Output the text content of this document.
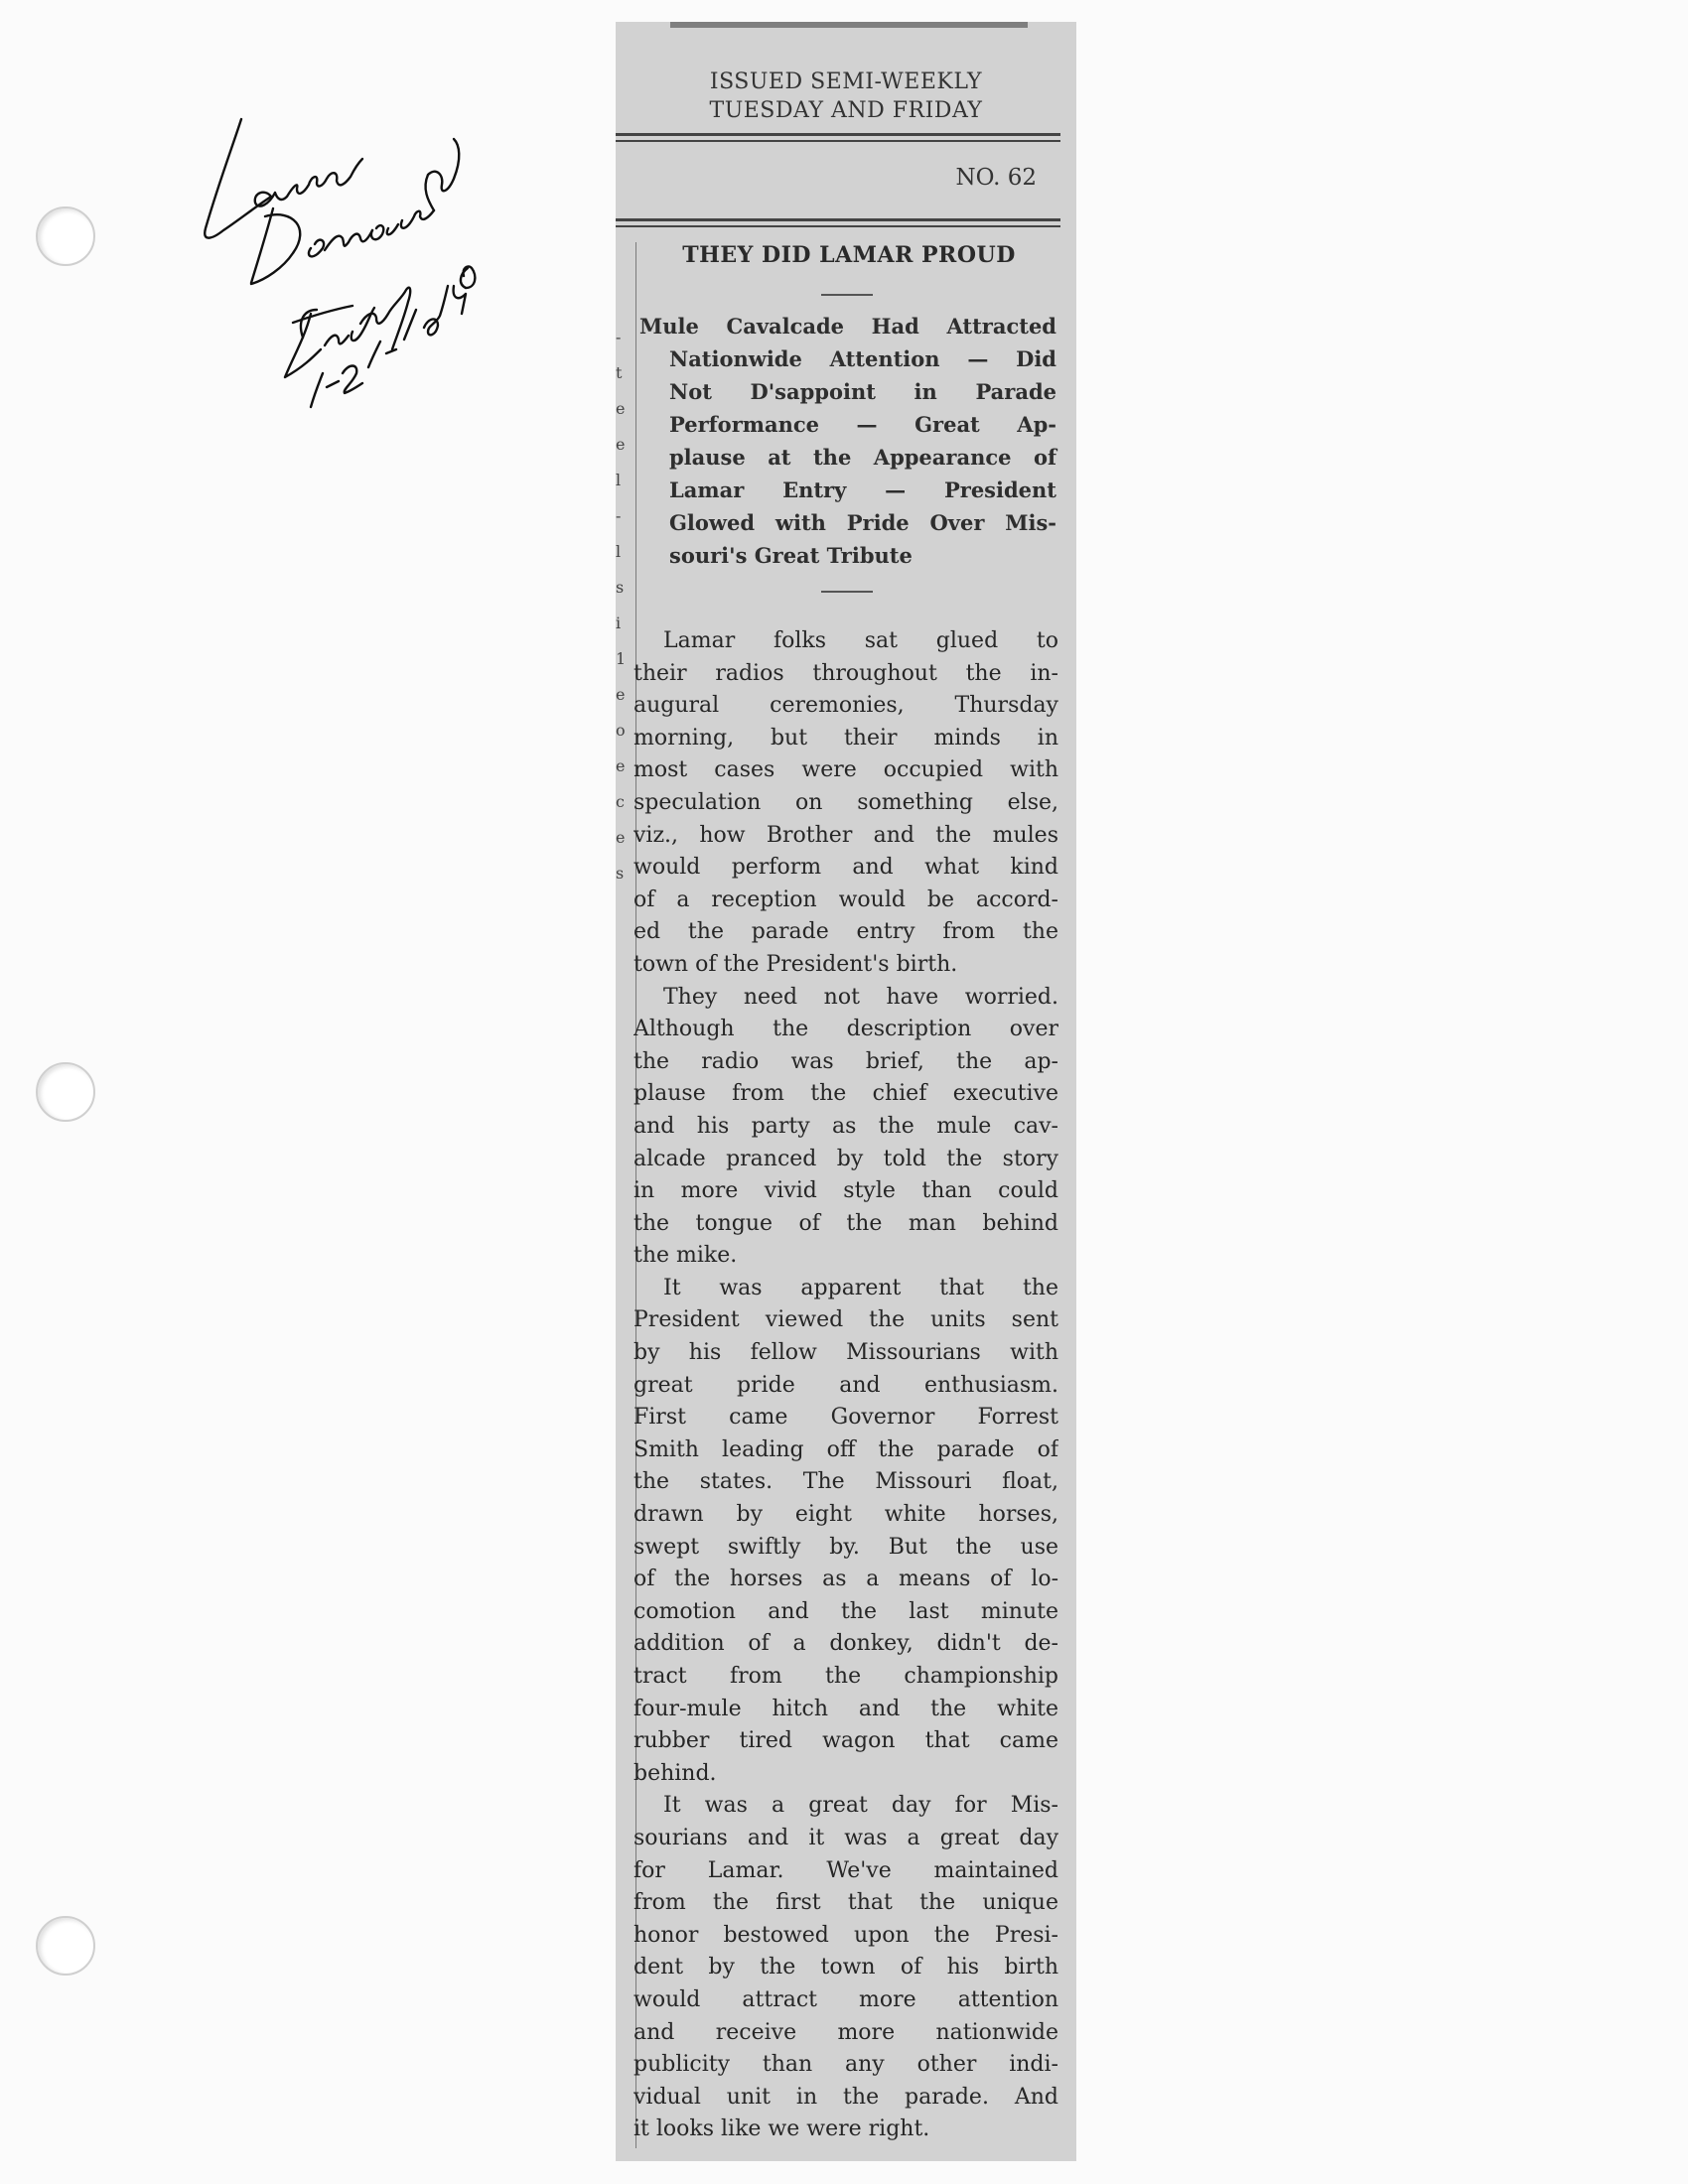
ISSUED SEMI-WEEKLY
TUESDAY AND FRIDAY
NO. 62
-
t
e
e
l
-
l
s
i
1
e
o
e
c
e
s
THEY DID LAMAR PROUD
Mule Cavalcade Had Attracted
Nationwide Attention — Did
Not D'sappoint in Parade
Performance — Great Ap-
plause at the Appearance of
Lamar Entry — President
Glowed with Pride Over Mis-
souri's Great Tribute
Lamar folks sat glued to
their radios throughout the in-
augural ceremonies, Thursday
morning, but their minds in
most cases were occupied with
speculation on something else,
viz., how Brother and the mules
would perform and what kind
of a reception would be accord-
ed the parade entry from the
town of the President's birth.
They need not have worried.
Although the description over
the radio was brief, the ap-
plause from the chief executive
and his party as the mule cav-
alcade pranced by told the story
in more vivid style than could
the tongue of the man behind
the mike.
It was apparent that the
President viewed the units sent
by his fellow Missourians with
great pride and enthusiasm.
First came Governor Forrest
Smith leading off the parade of
the states. The Missouri float,
drawn by eight white horses,
swept swiftly by. But the use
of the horses as a means of lo-
comotion and the last minute
addition of a donkey, didn't de-
tract from the championship
four-mule hitch and the white
rubber tired wagon that came
behind.
It was a great day for Mis-
sourians and it was a great day
for Lamar. We've maintained
from the first that the unique
honor bestowed upon the Presi-
dent by the town of his birth
would attract more attention
and receive more nationwide
publicity than any other indi-
vidual unit in the parade. And
it looks like we were right.
